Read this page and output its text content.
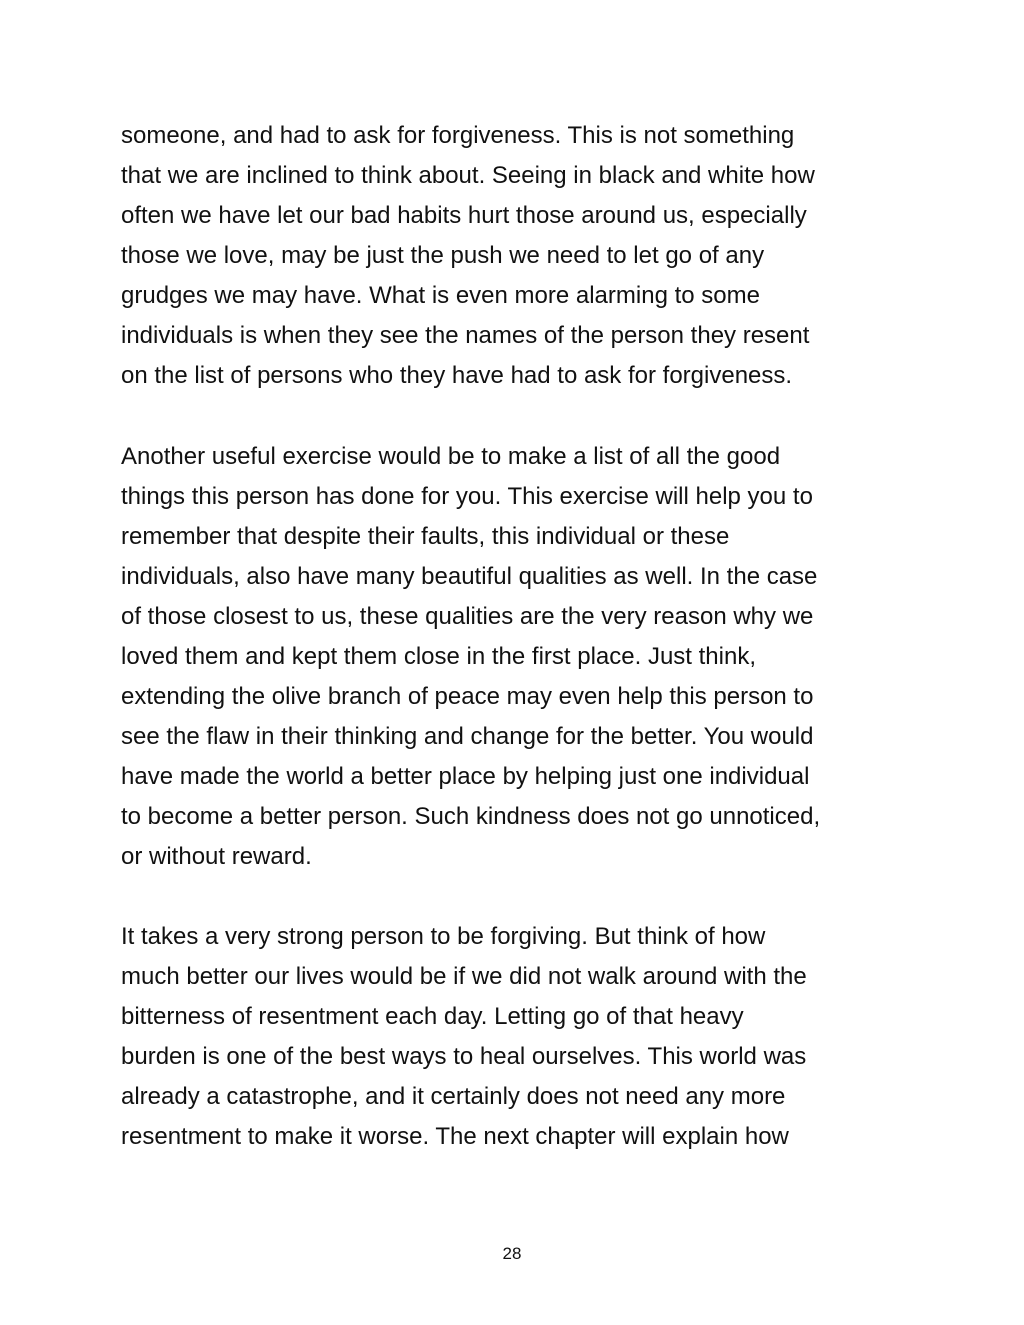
someone, and had to ask for forgiveness. This is not something
that we are inclined to think about. Seeing in black and white how
often we have let our bad habits hurt those around us, especially
those we love, may be just the push we need to let go of any
grudges we may have. What is even more alarming to some
individuals is when they see the names of the person they resent
on the list of persons who they have had to ask for forgiveness.
Another useful exercise would be to make a list of all the good
things this person has done for you. This exercise will help you to
remember that despite their faults, this individual or these
individuals, also have many beautiful qualities as well. In the case
of those closest to us, these qualities are the very reason why we
loved them and kept them close in the first place. Just think,
extending the olive branch of peace may even help this person to
see the flaw in their thinking and change for the better. You would
have made the world a better place by helping just one individual
to become a better person. Such kindness does not go unnoticed,
or without reward.
It takes a very strong person to be forgiving. But think of how
much better our lives would be if we did not walk around with the
bitterness of resentment each day. Letting go of that heavy
burden is one of the best ways to heal ourselves. This world was
already a catastrophe, and it certainly does not need any more
resentment to make it worse. The next chapter will explain how
28
